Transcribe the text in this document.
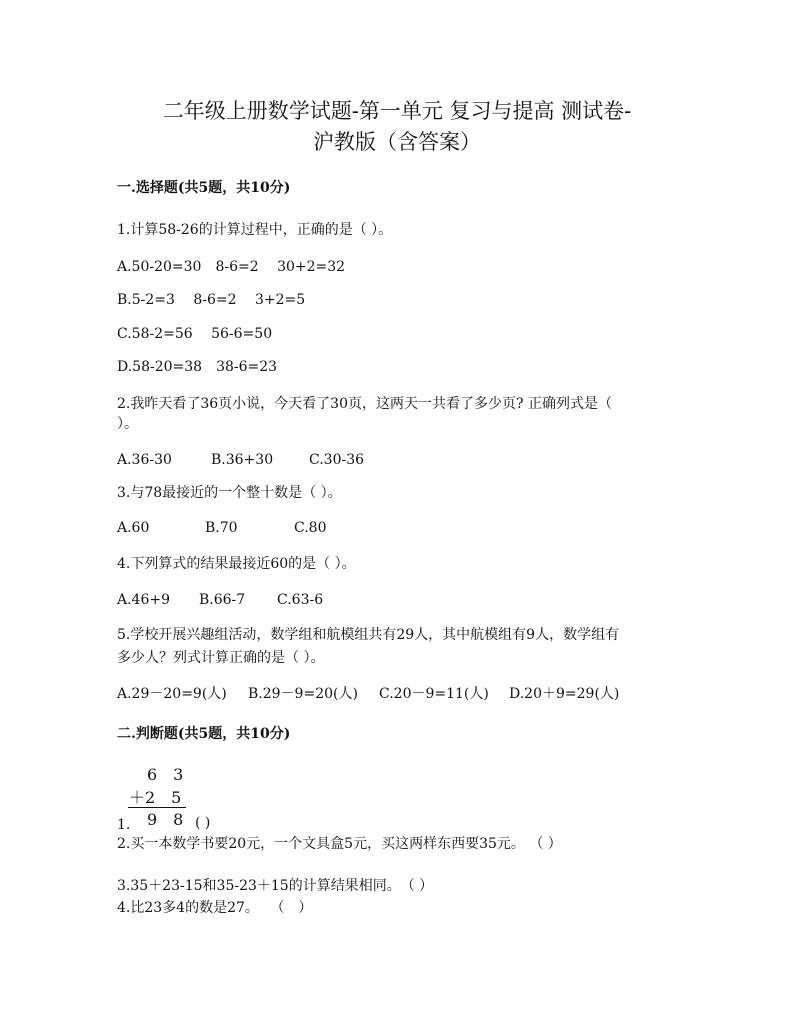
二年级上册数学试题-第一单元 复习与提高 测试卷-
沪教版（含答案）
一.选择题(共5题，共10分)
1.计算58-26的计算过程中，正确的是（ ）。
A.50-20=30　8-6=2　 30+2=32
B.5-2=3　 8-6=2　 3+2=5
C.58-2=56　 56-6=50
D.58-20=38　38-6=23
2.我昨天看了36页小说，今天看了30页，这两天一共看了多少页? 正确列式是（
）。
A.36-30	B.36+30	C.30-36
3.与78最接近的一个整十数是（ ）。
A.60	B.70	C.80
4.下列算式的结果最接近60的是（ ）。
A.46+9 B.66-7 C.63-6
5.学校开展兴趣组活动，数学组和航模组共有29人，其中航模组有9人，数学组有
多少人？列式计算正确的是（ ）。
A.29－20=9(人) B.29－9=20(人) C.20－9=11(人) D.20＋9=29(人)
二.判断题(共5题，共10分)
6　3
＋2　5
9　8
1.	( )
2.买一本数学书要20元，一个文具盒5元，买这两样东西要35元。 （ ）
3.35＋23-15和35-23＋15的计算结果相同。　（ ）
4.比23多4的数是27。　 （　）
